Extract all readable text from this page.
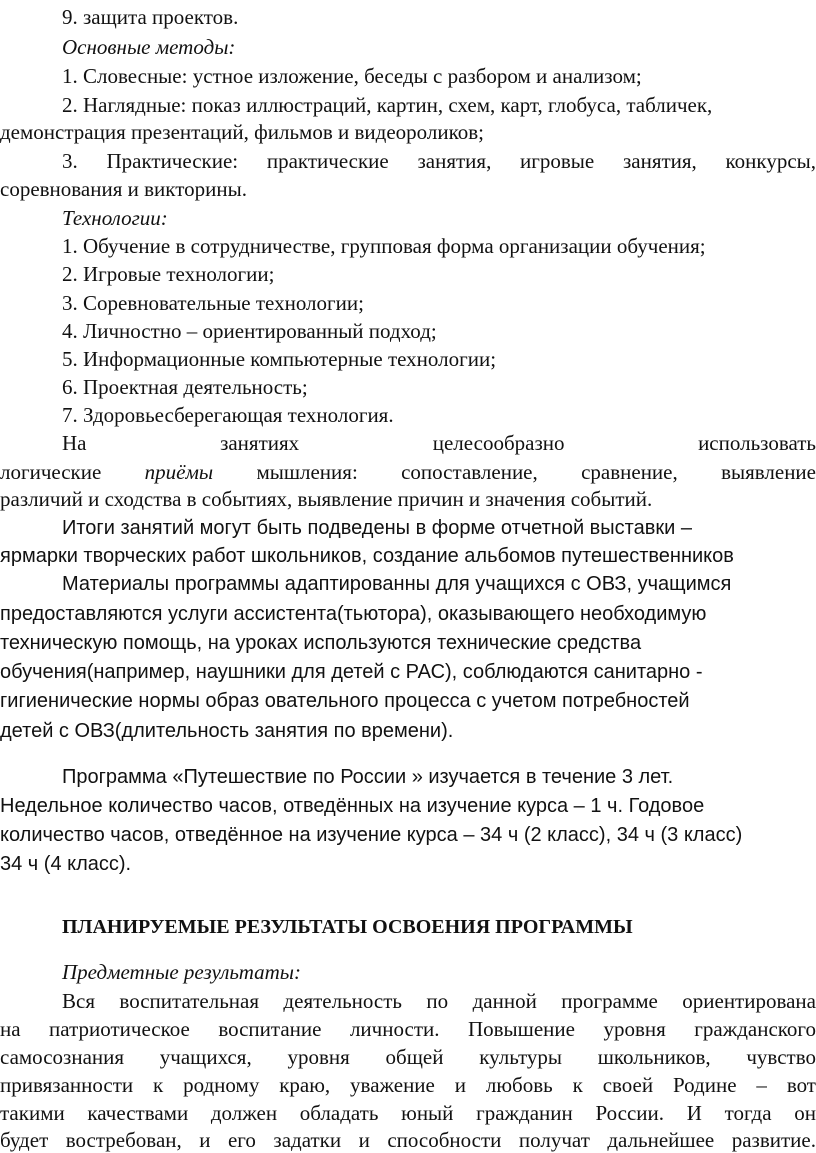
9. защита проектов.

Основные методы:

1. Словесные: устное изложение, беседы с разбором и анализом;

2. Наглядные: показ иллюстраций, картин, схем, карт, глобуса, табличек,

демонстрация презентаций, фильмов и видеороликов;

3. Практические: практические занятия, игровые занятия, конкурсы,

соревнования и викторины.

Технологии:

1. Обучение в сотрудничестве, групповая форма организации обучения;

2. Игровые технологии;

3. Соревновательные технологии;

4. Личностно – ориентированный подход;

5. Информационные компьютерные технологии;

6. Проектная деятельность;

7. Здоровьесберегающая технология.

На занятиях целесообразно использовать

логические приёмы мышления: сопоставление, сравнение, выявление

различий и сходства в событиях, выявление причин и значения событий.

Итоги занятий могут быть подведены в форме отчетной выставки –

ярмарки творческих работ школьников, создание альбомов путешественников

Материалы программы адаптированны для учащихся с ОВЗ, учащимся

предоставляются услуги ассистента(тьютора), оказывающего необходимую

техническую помощь, на уроках используются технические средства

обучения(например, наушники для детей с РАС), соблюдаются санитарно -

гигиенические нормы образ овательного процесса с учетом потребностей

детей с ОВЗ(длительность занятия по времени).

Программа «Путешествие по России » изучается в течение 3 лет.

Недельное количество часов, отведённых на изучение курса – 1 ч. Годовое

количество часов, отведённое на изучение курса – 34 ч (2 класс), 34 ч (3 класс)

34 ч (4 класс).

ПЛАНИРУЕМЫЕ РЕЗУЛЬТАТЫ ОСВОЕНИЯ ПРОГРАММЫ

Предметные результаты:

Вся воспитательная деятельность по данной программе ориентирована

на патриотическое воспитание личности. Повышение уровня гражданского

самосознания учащихся, уровня общей культуры школьников, чувство

привязанности к родному краю, уважение и любовь к своей Родине – вот

такими качествами должен обладать юный гражданин России. И тогда он

будет востребован, и его задатки и способности получат дальнейшее развитие.
